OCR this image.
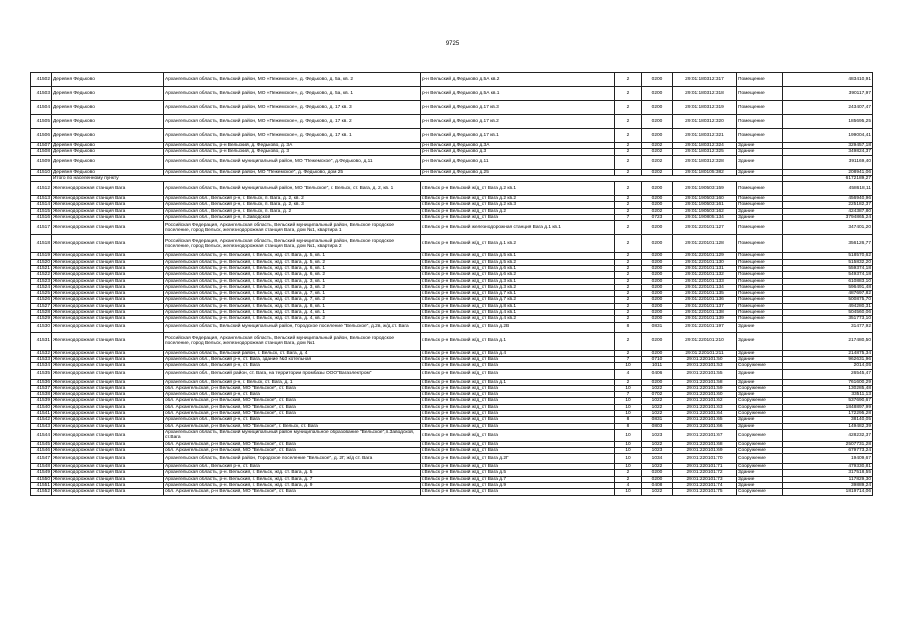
9725
41502	Деревня Федьково	Архангельская область, Вельский район, МО «Пежемское», д. Федьково, д. 5а, кв. 2	р-н Вельский д.Федьково д.5А кв.2	2	0200	29:01:180312:317	Помещение	483410,91
41503	Деревня Федьково	Архангельская область, Вельский район, МО «Пежемское», д. Федьково, д. 5а, кв. 1	р-н Вельский д.Федьково д.5А кв.1	2	0200	29:01:180312:318	Помещение	390117,97
41504	Деревня Федьково	Архангельская область, Вельский район, МО «Пежемское», д. Федьково, д. 17 кв. 3	р-н Вельский д.Федьково д.17 кв.3	2	0200	29:01:180312:319	Помещение	243407,47
41505	Деревня Федьково	Архангельская область, Вельский район, МО «Пежемское», д. Федьково, д. 17 кв. 2	р-н Вельский д.Федьково д.17 кв.2	2	0200	29:01:180312:320	Помещение	185695,25
41506	Деревня Федьково	Архангельская область, Вельский район, МО «Пежемское», д. Федьково, д. 17 кв. 1	р-н Вельский д.Федьково д.17 кв.1	2	0200	29:01:180312:321	Помещение	199004,41
41507	Деревня Федьково	Архангельская область, р-н Вельский, д. Федьково, д. 3А	р-н Вельский д.Федьково д.3А	2	0202	29:01:180312:324	Здание	329457,18
41508	Деревня Федьково	Архангельская область, р-н Вельский, д. Федьково, д. 3	р-н Вельский д.Федьково д.3	2	0202	29:01:180312:325	Здание	349824,37
41509	Деревня Федьково	Архангельская область, Вельский муниципальный район, МО "Пежемское", д.Федьково, д.11	р-н Вельский д.Федьково д.11	2	0202	29:01:180312:328	Здание	391169,40
41510	Деревня Федьково	Архангельская область, Вельский район, МО "Пежемское", д. Федьково, дом 25	р-н Вельский д.Федьково д.25	2	0202	29:01:180105:382	Здание	208941,06
	Итого по населенному пункту							6172189,27
41512	Железнодорожная станция Вага	Архангельская область, Вельский муниципальный район, МО "Вельское", г. Вельск, ст. Вага, д. 2, кв. 1	г.Вельск р-н Вельский ж/д_ст Вага д.2 кв.1	2	0200	29:01:190503:159	Помещение	458618,11
41513	Железнодорожная станция Вага	Архангельская обл., Вельский р-н, г. Вельск, п. Вага, д. 2, кв. 2	г.Вельск р-н Вельский ж/д_ст Вага д.2 кв.2	2	0200	29:01:190503:160	Помещение	456940,96
41514	Железнодорожная станция Вага	Архангельская обл., Вельский р-н, г. Вельск, п. Вага, д. 2, кв. 3	г.Вельск р-н Вельский ж/д_ст Вага д.2 кв.3	2	0200	29:01:190503:161	Помещение	225182,37
41515	Железнодорожная станция Вага	Архангельская обл., Вельский р-н, г. Вельск, п. Вага, д. 2	г.Вельск р-н Вельский ж/д_ст Вага д.2	2	0202	29:01:190503:162	Здание	424387,80
41516	Железнодорожная станция Вага	Архангельская обл., Вельский р-н, п.Заводской	г.Вельск р-н Вельский ж/д_ст Вага	7	0723	29:01:190805:134	Здание	3794865,24
41517	Железнодорожная станция Вага	Российская Федерация, Архангельская область, Вельский муниципальный район, Вельское городское поселение, город Вельск, железнодорожная станция Вага, дом №1, квартира 1	г.Вельск р-н Вельский железнодорожная станция Вага д.1 кв.1	2	0200	29:01:220101:127	Помещение	347401,20
41518	Железнодорожная станция Вага	Российская Федерация, Архангельская область, Вельский муниципальный район, Вельское городское поселение, город Вельск, железнодорожная станция Вага, дом №1, квартира 2	г.Вельск р-н Вельский ж/д_ст Вага д.1 кв.2	2	0200	29:01:220101:128	Помещение	356126,77
41519	Железнодорожная станция Вага	Архангельская область, р-н. Вельский, г. Вельск, ж/д. ст. Вага, д. 5, кв. 1	г.Вельск р-н Вельский ж/д_ст Вага д.5 кв.1	2	0200	29:01:220101:129	Помещение	518570,62
41520	Железнодорожная станция Вага	Архангельская область, р-н. Вельский, г. Вельск, ж/д. ст. Вага, д. 5, кв. 2	г.Вельск р-н Вельский ж/д_ст Вага д.5 кв.2	2	0200	29:01:220101:130	Помещение	515832,20
41521	Железнодорожная станция Вага	Архангельская область, р-н. Вельский, г. Вельск, ж/д. ст. Вага, д. 6, кв. 1	г.Вельск р-н Вельский ж/д_ст Вага д.6 кв.1	2	0200	29:01:220101:131	Помещение	559374,18
41522	Железнодорожная станция Вага	Архангельская область, р-н. Вельский, г. Вельск, ж/д. ст. Вага, д. 6, кв. 2	г.Вельск р-н Вельский ж/д_ст Вага д.6 кв.2	2	0200	29:01:220101:132	Помещение	549374,18
41523	Железнодорожная станция Вага	Архангельская область, р-н. Вельский, г. Вельск, ж/д. ст. Вага, д. 3, кв. 1	г.Вельск р-н Вельский ж/д_ст Вага д.3 кв.1	2	0200	29:01:220101:133	Помещение	610883,10
41524	Железнодорожная станция Вага	Архангельская область, р-н. Вельский, г. Вельск, ж/д. ст. Вага, д. 3, кв. 2	г.Вельск р-н Вельский ж/д_ст Вага д.3 кв.2	2	0200	29:01:220101:134	Помещение	596491,48
41525	Железнодорожная станция Вага	Архангельская область, р-н. Вельский, г. Вельск, ж/д. ст. Вага, д. 7, кв. 1	г.Вельск р-н Вельский ж/д_ст Вага д.7 кв.1	2	0200	29:01:220101:135	Помещение	487697,82
41526	Железнодорожная станция Вага	Архангельская область, р-н. Вельский, г. Вельск, ж/д. ст. Вага, д. 7, кв. 2	г.Вельск р-н Вельский ж/д_ст Вага д.7 кв.2	2	0200	29:01:220101:136	Помещение	500875,70
41527	Железнодорожная станция Вага	Архангельская область, р-н. Вельский, г. Вельск, ж/д. ст. Вага, д. 8, кв. 1	г.Вельск р-н Вельский ж/д_ст Вага д.8 кв.1	2	0200	29:01:220101:137	Помещение	494280,31
41528	Железнодорожная станция Вага	Архангельская область, р-н. Вельский, г. Вельск, ж/д. ст. Вага, д. 4, кв. 1	г.Вельск р-н Вельский ж/д_ст Вага д.4 кв.1	2	0200	29:01:220101:138	Помещение	504560,06
41529	Железнодорожная станция Вага	Архангельская область, р-н. Вельский, г. Вельск, ж/д. ст. Вага, д. 4, кв. 2	г.Вельск р-н Вельский ж/д_ст Вага д.4 кв.2	2	0200	29:01:220101:139	Помещение	351773,10
41530	Железнодорожная станция Вага	Архангельская область, Вельский муниципальный район, Городское поселение "Вельское", д.2в, ж/д.ст. Вага	г.Вельск р-н Вельский ж/д_ст Вага д.2В	8	0831	29:01:220101:197	Здание	31477,92
41531	Железнодорожная станция Вага	Российская Федерация, Архангельская область, Вельский муниципальный район, Вельское городское поселение, город Вельск, железнодорожная станция Вага, дом №1	г.Вельск р-н Вельский ж/д_ст Вага д.1	2	0200	29:01:220101:210	Здание	217480,50
41532	Железнодорожная станция Вага	Архангельская область, Вельский район, г. Вельск, ст. Вага, д. 4	г.Вельск р-н Вельский ж/д_ст Вага д.4	2	0200	29:01:220101:211	Здание	214875,34
41533	Железнодорожная станция Вага	Архангельская обл., Вельский р-н, ст. Вага, здание №3 котельная	г.Вельск р-н Вельский ж/д_ст Вага	7	0710	29:01:220101:50	Здание	962631,96
41534	Железнодорожная станция Вага	Архангельская обл., Вельский р-н, ст. Вага	г.Вельск р-н Вельский ж/д_ст Вага	10	1011	29:01:220101:53	Сооружение	2014,05
41535	Железнодорожная станция Вага	Архангельская обл., Вельский район, ст. Вага, на территории промбазы ООО"Вагаэлектром"	г.Вельск р-н Вельский ж/д_ст Вага	4	0406	29:01:220101:55	Здание	26545,47
41536	Железнодорожная станция Вага	Архангельская обл., Вельский р-н, г. Вельск, ст. Вага, д. 1	г.Вельск р-н Вельский ж/д_ст Вага д.1	2	0200	29:01:220101:58	Здание	761600,29
41537	Железнодорожная станция Вага	обл. Архангельская, р-н Вельский, МО "Вельское", ст. Вага	г.Вельск р-н Вельский ж/д_ст Вага	10	1022	29:01:220101:59	Сооружение	130285,48
41538	Железнодорожная станция Вага	Архангельская обл., Вельский р-н, ст. Вага	г.Вельск р-н Вельский ж/д_ст Вага	7	0702	29:01:220101:60	Здание	33511,13
41539	Железнодорожная станция Вага	обл. Архангельская, р-н Вельский, МО "Вельское", ст. Вага	г.Вельск р-н Вельский ж/д_ст Вага	10	1022	29:01:220101:62	Сооружение	537690,67
41540	Железнодорожная станция Вага	обл. Архангельская, р-н Вельский, МО "Вельское", ст. Вага	г.Вельск р-н Вельский ж/д_ст Вага	10	1022	29:01:220101:63	Сооружение	1848897,99
41541	Железнодорожная станция Вага	обл. Архангельская, р-н Вельский, МО "Вельское", ст. Вага	г.Вельск р-н Вельский ж/д_ст Вага	10	1022	29:01:220101:64	Сооружение	172295,28
41542	Железнодорожная станция Вага	Архангельская обл., Вельский р-н, ст. Вага	г.Вельск р-н Вельский ж/д_ст Вага	8	0831	29:01:220101:65	Здание	38140,05
41543	Железнодорожная станция Вага	обл. Архангельская, р-н Вельский, МО "Вельское", г. Вельск, ст. Вага	г.Вельск р-н Вельский ж/д_ст Вага	8	0803	29:01:220101:66	Здание	149482,39
41544	Железнодорожная станция Вага	Архангельская область, Вельский муниципальный район муниципальное образование "Вельское",п.Заводской, ст.Вага	г.Вельск р-н Вельский ж/д_ст Вага	10	1023	29:01:220101:67	Сооружение	428232,37
41545	Железнодорожная станция Вага	обл. Архангельская, р-н Вельский, МО "Вельское", ст. Вага	г.Вельск р-н Вельский ж/д_ст Вага	10	1022	29:01:220101:68	Сооружение	2507731,28
41546	Железнодорожная станция Вага	обл. Архангельская, р-н Вельский, МО "Вельское", ст. Вага	г.Вельск р-н Вельский ж/д_ст Вага	10	1023	29:01:220101:69	Сооружение	679773,24
41547	Железнодорожная станция Вага	Архангельская область, Вельский район, Городское поселение "Вельское", д. 2Г, ж/д ст. Вага	г.Вельск р-н Вельский ж/д_ст Вага д.2Г	10	1034	29:01:220101:70	Сооружение	19409,67
41548	Железнодорожная станция Вага	Архангельская обл., Вельский р-н, ст. Вага	г.Вельск р-н Вельский ж/д_ст Вага	10	1022	29:01:220101:71	Сооружение	479330,81
41549	Железнодорожная станция Вага	Архангельская область, р-н. Вельский, г. Вельск, ж/д. ст. Вага, д. 5	г.Вельск р-н Вельский ж/д_ст Вага д.5	2	0200	29:01:220101:72	Здание	317518,55
41550	Железнодорожная станция Вага	Архангельская область, р-н. Вельский, г. Вельск, ж/д. ст. Вага, д. 7	г.Вельск р-н Вельский ж/д_ст Вага д.7	2	0200	29:01:220101:73	Здание	117829,30
41551	Железнодорожная станция Вага	Архангельская область, р-н. Вельский, г. Вельск, ж/д. ст. Вага, д. 9	г.Вельск р-н Вельский ж/д_ст Вага д.9	4	0408	29:01:220101:74	Здание	39889,24
41552	Железнодорожная станция Вага	обл. Архангельская, р-н Вельский, МО "Вельское", ст. Вага	г.Вельск р-н Вельский ж/д_ст Вага	10	1022	29:01:220101:75	Сооружение	1819714,06
